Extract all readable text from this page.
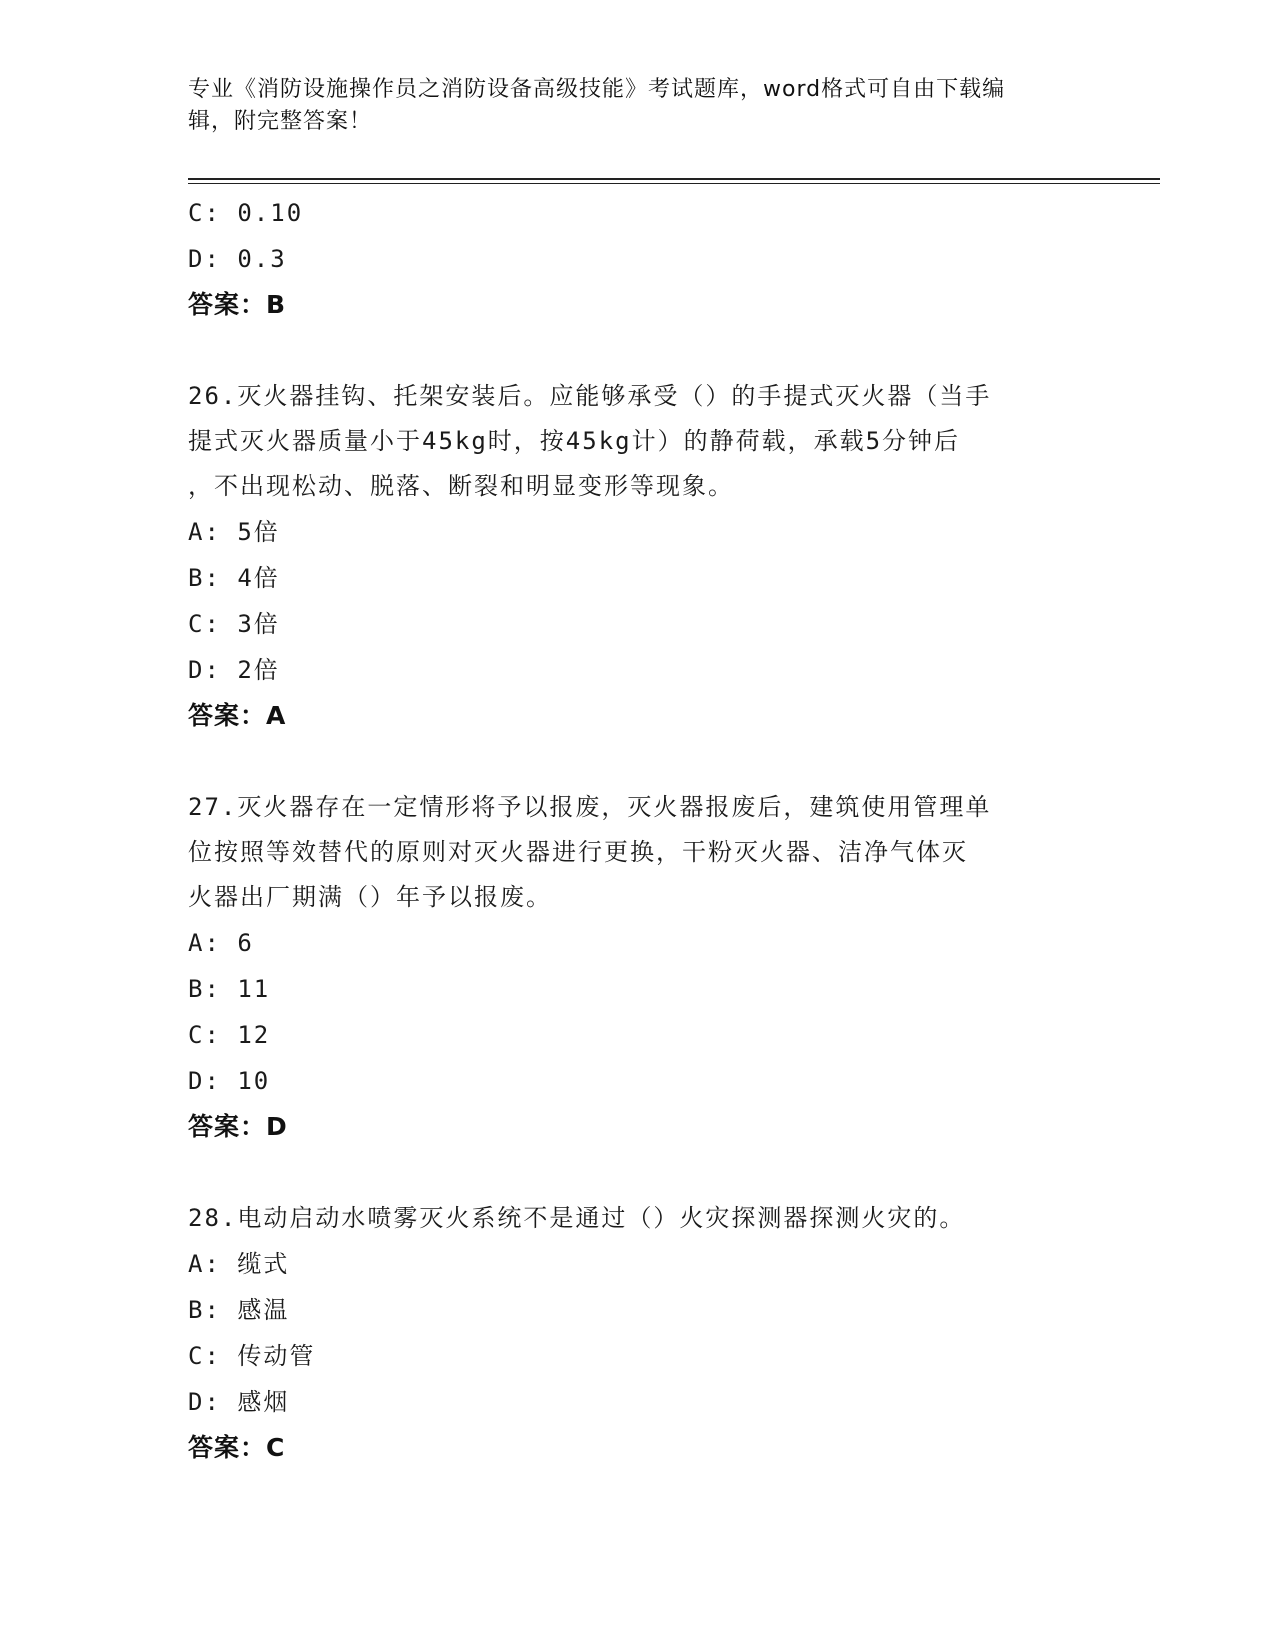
专业《消防设施操作员之消防设备高级技能》考试题库，word格式可自由下载编
辑，附完整答案！
C: 0.10
D: 0.3
答案：B
26.灭火器挂钩、托架安装后。应能够承受（）的手提式灭火器（当手
提式灭火器质量小于45kg时，按45kg计）的静荷载，承载5分钟后
，不出现松动、脱落、断裂和明显变形等现象。
A: 5倍
B: 4倍
C: 3倍
D: 2倍
答案：A
27.灭火器存在一定情形将予以报废，灭火器报废后，建筑使用管理单
位按照等效替代的原则对灭火器进行更换，干粉灭火器、洁净气体灭
火器出厂期满（）年予以报废。
A: 6
B: 11
C: 12
D: 10
答案：D
28.电动启动水喷雾灭火系统不是通过（）火灾探测器探测火灾的。
A: 缆式
B: 感温
C: 传动管
D: 感烟
答案：C
